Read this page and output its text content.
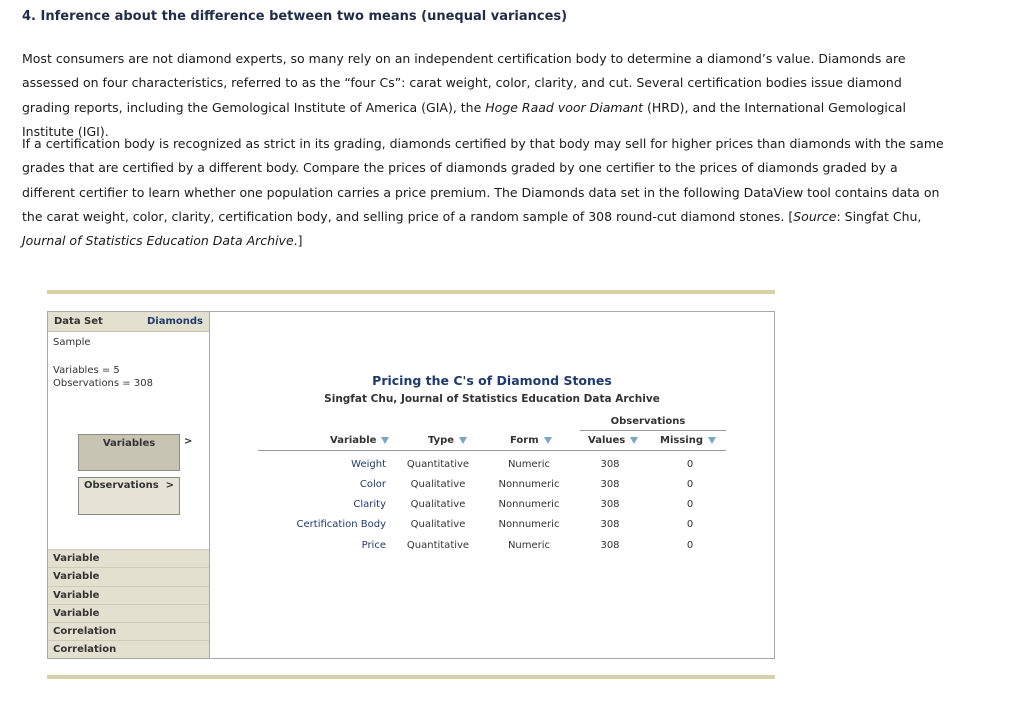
4. Inference about the difference between two means (unequal variances)

Most consumers are not diamond experts, so many rely on an independent certification body to determine a diamond’s value. Diamonds are assessed on four characteristics, referred to as the “four Cs”: carat weight, color, clarity, and cut. Several certification bodies issue diamond grading reports, including the Gemological Institute of America (GIA), the Hoge Raad voor Diamant (HRD), and the International Gemological Institute (IGI).

If a certification body is recognized as strict in its grading, diamonds certified by that body may sell for higher prices than diamonds with the same grades that are certified by a different body. Compare the prices of diamonds graded by one certifier to the prices of diamonds graded by a different certifier to learn whether one population carries a price premium. The Diamonds data set in the following DataView tool contains data on the carat weight, color, clarity, certification body, and selling price of a random sample of 308 round-cut diamond stones. [Source: Singfat Chu, Journal of Statistics Education Data Archive.]

Data Set	Diamonds
Sample
Variables = 5
Observations = 308
Variables	>
Observations >
Variable
Variable
Variable
Variable
Correlation
Correlation
Pricing the C's of Diamond Stones
Singfat Chu, Journal of Statistics Education Data Archive
Observations
Variable	Type	Form	Values	Missing
Weight	Quantitative	Numeric	308	0
Color	Qualitative	Nonnumeric	308	0
Clarity	Qualitative	Nonnumeric	308	0
Certification Body	Qualitative	Nonnumeric	308	0
Price	Quantitative	Numeric	308	0
